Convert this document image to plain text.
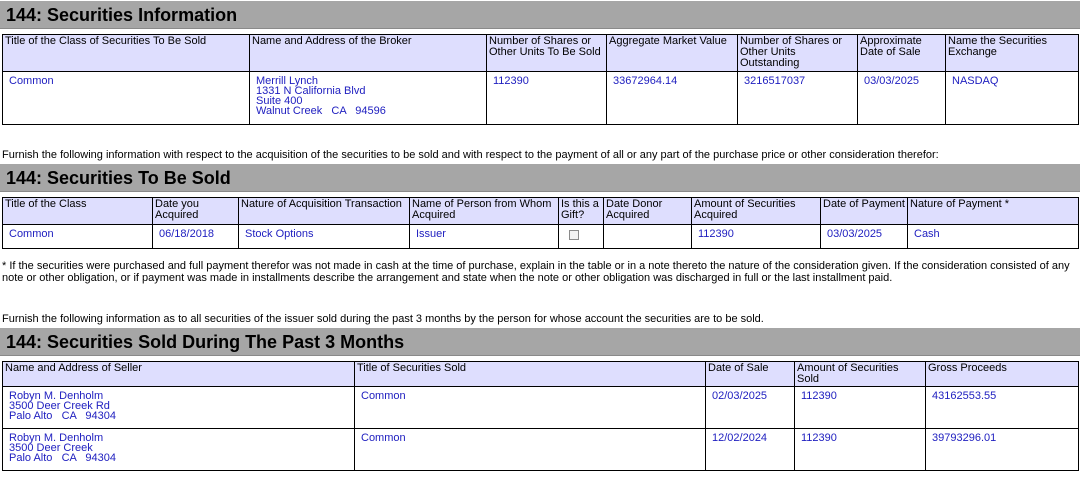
144: Securities Information
Title of the Class of Securities To Be Sold	Name and Address of the Broker	Number of Shares or Other Units To Be Sold	Aggregate Market Value	Number of Shares or Other Units Outstanding	Approximate Date of Sale	Name the Securities Exchange
Common	Merrill Lynch
1331 N California Blvd
Suite 400
Walnut Creek   CA   94596	112390	33672964.14	3216517037	03/03/2025	NASDAQ
Furnish the following information with respect to the acquisition of the securities to be sold and with respect to the payment of all or any part of the purchase price or other consideration therefor:
144: Securities To Be Sold
Title of the Class	Date you Acquired	Nature of Acquisition Transaction	Name of Person from Whom Acquired	Is this a Gift?	Date Donor Acquired	Amount of Securities Acquired	Date of Payment	Nature of Payment *
Common	06/18/2018	Stock Options	Issuer			112390	03/03/2025	Cash
* If the securities were purchased and full payment therefor was not made in cash at the time of purchase, explain in the table or in a note thereto the nature of the consideration given. If the consideration consisted of any note or other obligation, or if payment was made in installments describe the arrangement and state when the note or other obligation was discharged in full or the last installment paid.
Furnish the following information as to all securities of the issuer sold during the past 3 months by the person for whose account the securities are to be sold.
144: Securities Sold During The Past 3 Months
Name and Address of Seller	Title of Securities Sold	Date of Sale	Amount of Securities Sold	Gross Proceeds

Robyn M. Denholm
3500 Deer Creek Rd
Palo Alto   CA   94304	Common	02/03/2025	112390	43162553.55

Robyn M. Denholm
3500 Deer Creek
Palo Alto   CA   94304	Common	12/02/2024	112390	39793296.01
